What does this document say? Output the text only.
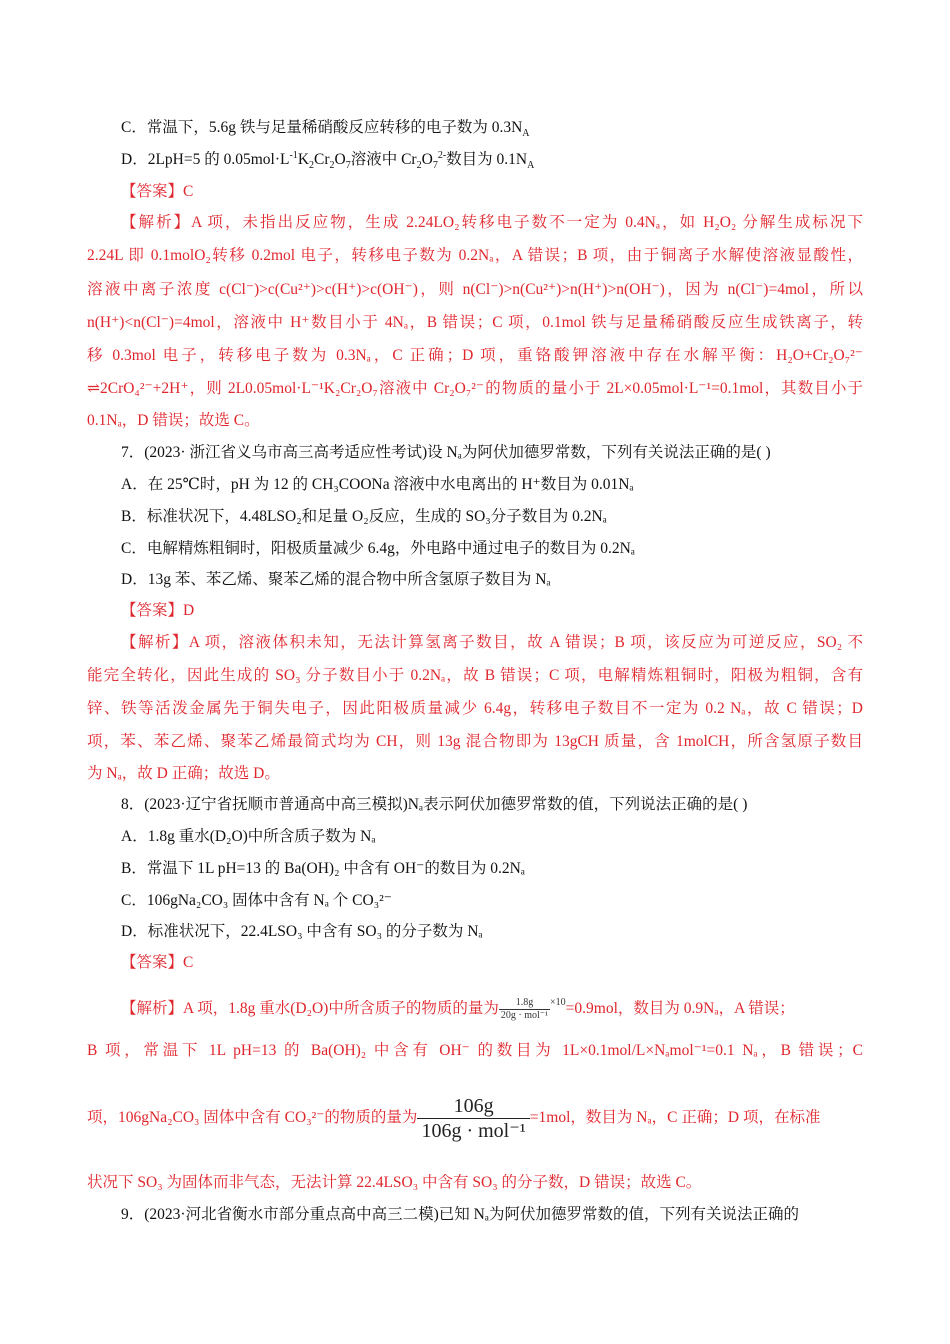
C．常温下，5.6g 铁与足量稀硝酸反应转移的电子数为 $0.3N_A$
D．2LpH=5 的 $0.05mol\cdot L^{-1}K_2Cr_2O_7$溶液中 $Cr_2O_7^{2-}$数目为 $0.1N_A$
【答案】C
【解析】A 项，未指出反应物，生成 2.24LO₂转移电子数不一定为 0.4Nₐ，如 H₂O₂ 分解生成标况下
2.24L 即 0.1molO₂转移 0.2mol 电子，转移电子数为 0.2Nₐ，A 错误；B 项，由于铜离子水解使溶液显酸性，
溶液中离子浓度 c(Cl⁻)>c(Cu²⁺)>c(H⁺)>c(OH⁻)，则 n(Cl⁻)>n(Cu²⁺)>n(H⁺)>n(OH⁻)，因为 n(Cl⁻)=4mol，所以
n(H⁺)<n(Cl⁻)=4mol，溶液中 H⁺数目小于 4Nₐ，B 错误；C 项，0.1mol 铁与足量稀硝酸反应生成铁离子，转
移 0.3mol 电子，转移电子数为 0.3Nₐ，C 正确；D 项，重铬酸钾溶液中存在水解平衡：H₂O+Cr₂O₇²⁻
⇌2CrO₄²⁻+2H⁺，则 2L0.05mol·L⁻¹K₂Cr₂O₇溶液中 Cr₂O₇²⁻的物质的量小于 2L×0.05mol·L⁻¹=0.1mol，其数目小于
0.1Nₐ，D 错误；故选 C。
7．(2023· 浙江省义乌市高三高考适应性考试)设 Nₐ为阿伏加德罗常数，下列有关说法正确的是( )
A．在 25℃时，pH 为 12 的 CH₃COONa 溶液中水电离出的 H⁺数目为 0.01Nₐ
B．标准状况下，4.48LSO₂和足量 O₂反应，生成的 SO₃分子数目为 0.2Nₐ
C．电解精炼粗铜时，阳极质量减少 6.4g，外电路中通过电子的数目为 0.2Nₐ
D．13g 苯、苯乙烯、聚苯乙烯的混合物中所含氢原子数目为 Nₐ
【答案】D
【解析】A 项，溶液体积未知，无法计算氢离子数目，故 A 错误；B 项，该反应为可逆反应，SO₂ 不
能完全转化，因此生成的 SO₃ 分子数目小于 0.2Nₐ，故 B 错误；C 项，电解精炼粗铜时，阳极为粗铜，含有
锌、铁等活泼金属先于铜失电子，因此阳极质量减少 6.4g，转移电子数目不一定为 0.2 Nₐ，故 C 错误；D
项，苯、苯乙烯、聚苯乙烯最简式均为 CH，则 13g 混合物即为 13gCH 质量，含 1molCH，所含氢原子数目
为 Nₐ，故 D 正确；故选 D。
8．(2023·辽宁省抚顺市普通高中高三模拟)Nₐ表示阿伏加德罗常数的值，下列说法正确的是( )
A．1.8g 重水(D₂O)中所含质子数为 Nₐ
B．常温下 1L pH=13 的 Ba(OH)₂ 中含有 OH⁻的数目为 0.2Nₐ
C．106gNa₂CO₃ 固体中含有 Nₐ 个 CO₃²⁻
D．标准状况下，22.4LSO₃ 中含有 SO₃ 的分子数为 Nₐ
【答案】C
【解析】A 项，1.8g 重水(D₂O)中所含质子的物质的量为 $\frac{1.8g}{\text{20g · mol⁻¹}} ^{\times 10}=0.9mol$，数目为 0.9Nₐ，A 错误；
B 项，常温下 1L pH=13 的 Ba(OH)₂ 中含有 OH⁻ 的数目为 1L×0.1mol/L×Nₐmol⁻¹=0.1 Nₐ，B 错误；C
项，106gNa₂CO₃ 固体中含有 CO₃²⁻的物质的量为 $\frac{106g}{\text{106g · mol⁻¹}} =1mol$，数目为 Nₐ，C 正确；D 项，在标准
状况下 SO₃ 为固体而非气态，无法计算 22.4LSO₃ 中含有 SO₃ 的分子数，D 错误；故选 C。
9．(2023·河北省衡水市部分重点高中高三二模)已知 Nₐ为阿伏加德罗常数的值，下列有关说法正确的
